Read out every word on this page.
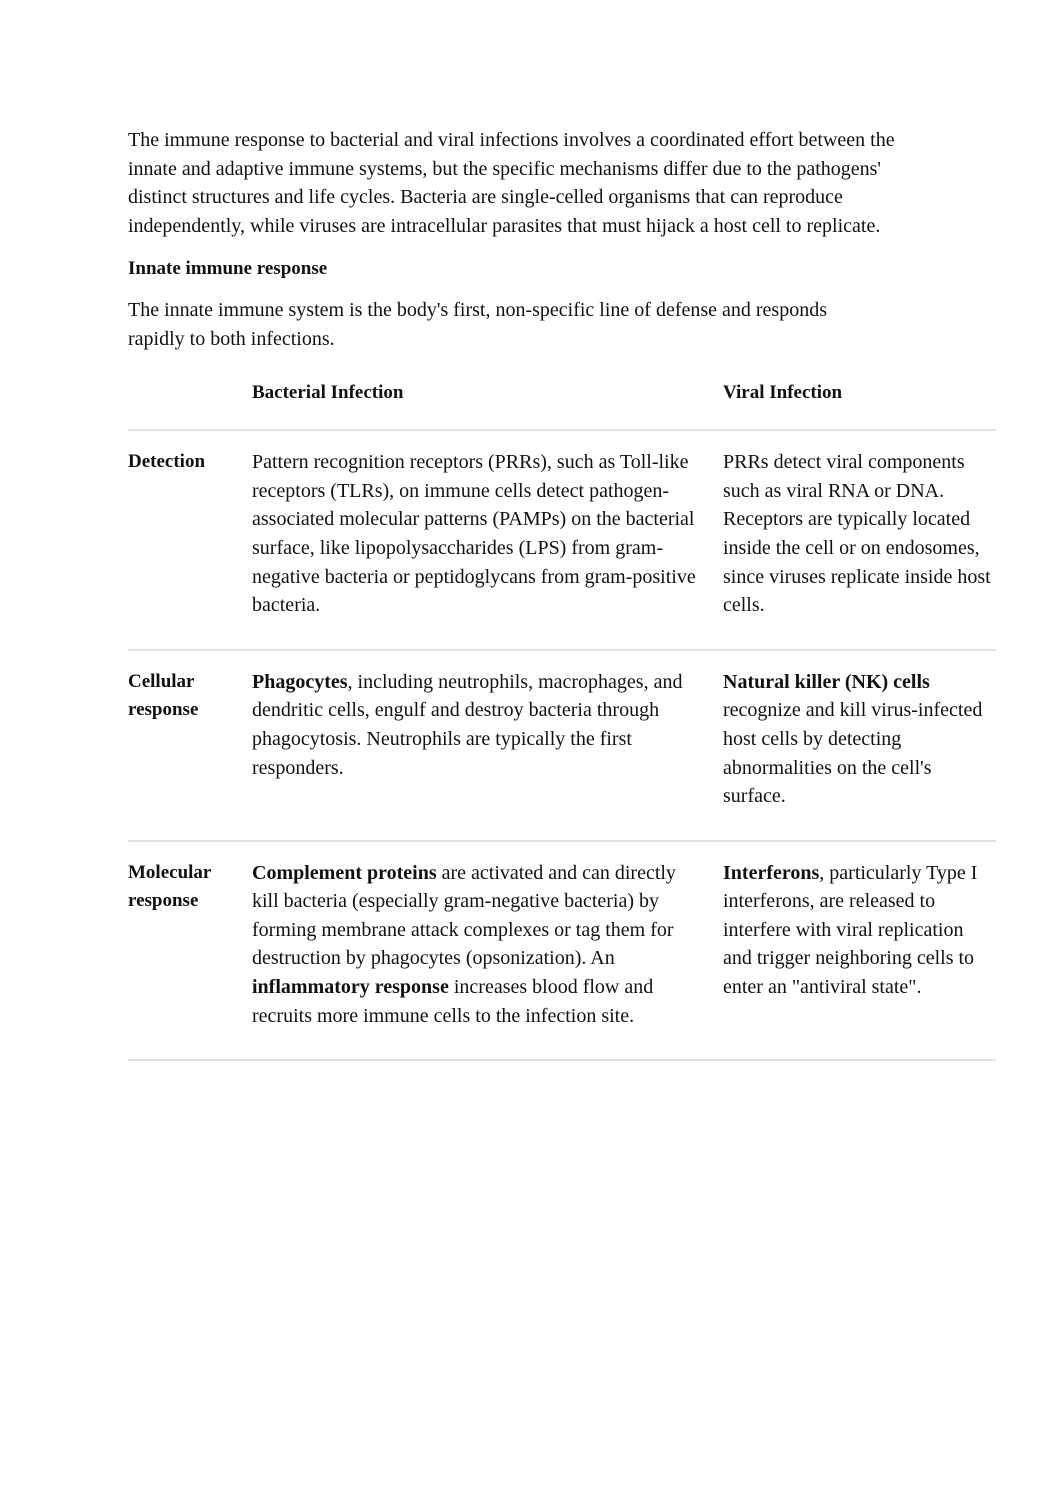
The immune response to bacterial and viral infections involves a coordinated effort between the innate and adaptive immune systems, but the specific mechanisms differ due to the pathogens' distinct structures and life cycles. Bacteria are single-celled organisms that can reproduce independently, while viruses are intracellular parasites that must hijack a host cell to replicate.

Innate immune response

The innate immune system is the body's first, non-specific line of defense and responds rapidly to both infections.

	Bacterial Infection	Viral Infection
Detection	Pattern recognition receptors (PRRs), such as Toll-like receptors (TLRs), on immune cells detect pathogen-associated molecular patterns (PAMPs) on the bacterial surface, like lipopolysaccharides (LPS) from gram-negative bacteria or peptidoglycans from gram-positive bacteria.	PRRs detect viral components such as viral RNA or DNA. Receptors are typically located inside the cell or on endosomes, since viruses replicate inside host cells.
Cellular response	Phagocytes, including neutrophils, macrophages, and dendritic cells, engulf and destroy bacteria through phagocytosis. Neutrophils are typically the first responders.	Natural killer (NK) cells recognize and kill virus-infected host cells by detecting abnormalities on the cell's surface.
Molecular response	Complement proteins are activated and can directly kill bacteria (especially gram-negative bacteria) by forming membrane attack complexes or tag them for destruction by phagocytes (opsonization). An inflammatory response increases blood flow and recruits more immune cells to the infection site.	Interferons, particularly Type I interferons, are released to interfere with viral replication and trigger neighboring cells to enter an "antiviral state".
